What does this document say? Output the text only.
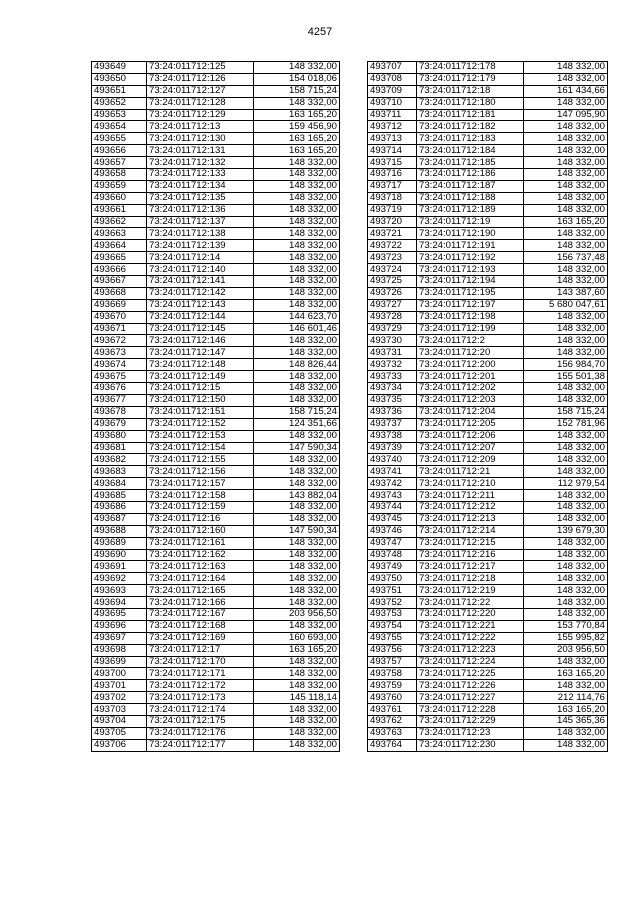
4257
493649	73:24:011712:125	148 332,00
493650	73:24:011712:126	154 018,06
493651	73:24:011712:127	158 715,24
493652	73:24:011712:128	148 332,00
493653	73:24:011712:129	163 165,20
493654	73:24:011712:13	159 456,90
493655	73:24:011712:130	163 165,20
493656	73:24:011712:131	163 165,20
493657	73:24:011712:132	148 332,00
493658	73:24:011712:133	148 332,00
493659	73:24:011712:134	148 332,00
493660	73:24:011712:135	148 332,00
493661	73:24:011712:136	148 332,00
493662	73:24:011712:137	148 332,00
493663	73:24:011712:138	148 332,00
493664	73:24:011712:139	148 332,00
493665	73:24:011712:14	148 332,00
493666	73:24:011712:140	148 332,00
493667	73:24:011712:141	148 332,00
493668	73:24:011712:142	148 332,00
493669	73:24:011712:143	148 332,00
493670	73:24:011712:144	144 623,70
493671	73:24:011712:145	146 601,46
493672	73:24:011712:146	148 332,00
493673	73:24:011712:147	148 332,00
493674	73:24:011712:148	148 826,44
493675	73:24:011712:149	148 332,00
493676	73:24:011712:15	148 332,00
493677	73:24:011712:150	148 332,00
493678	73:24:011712:151	158 715,24
493679	73:24:011712:152	124 351,66
493680	73:24:011712:153	148 332,00
493681	73:24:011712:154	147 590,34
493682	73:24:011712:155	148 332,00
493683	73:24:011712:156	148 332,00
493684	73:24:011712:157	148 332,00
493685	73:24:011712:158	143 882,04
493686	73:24:011712:159	148 332,00
493687	73:24:011712:16	148 332,00
493688	73:24:011712:160	147 590,34
493689	73:24:011712:161	148 332,00
493690	73:24:011712:162	148 332,00
493691	73:24:011712:163	148 332,00
493692	73:24:011712:164	148 332,00
493693	73:24:011712:165	148 332,00
493694	73:24:011712:166	148 332,00
493695	73:24:011712:167	203 956,50
493696	73:24:011712:168	148 332,00
493697	73:24:011712:169	160 693,00
493698	73:24:011712:17	163 165,20
493699	73:24:011712:170	148 332,00
493700	73:24:011712:171	148 332,00
493701	73:24:011712:172	148 332,00
493702	73:24:011712:173	145 118,14
493703	73:24:011712:174	148 332,00
493704	73:24:011712:175	148 332,00
493705	73:24:011712:176	148 332,00
493706	73:24:011712:177	148 332,00
493707	73:24:011712:178	148 332,00
493708	73:24:011712:179	148 332,00
493709	73:24:011712:18	161 434,66
493710	73:24:011712:180	148 332,00
493711	73:24:011712:181	147 095,90
493712	73:24:011712:182	148 332,00
493713	73:24:011712:183	148 332,00
493714	73:24:011712:184	148 332,00
493715	73:24:011712:185	148 332,00
493716	73:24:011712:186	148 332,00
493717	73:24:011712:187	148 332,00
493718	73:24:011712:188	148 332,00
493719	73:24:011712:189	148 332,00
493720	73:24:011712:19	163 165,20
493721	73:24:011712:190	148 332,00
493722	73:24:011712:191	148 332,00
493723	73:24:011712:192	156 737,48
493724	73:24:011712:193	148 332,00
493725	73:24:011712:194	148 332,00
493726	73:24:011712:195	143 387,60
493727	73:24:011712:197	5 680 047,61
493728	73:24:011712:198	148 332,00
493729	73:24:011712:199	148 332,00
493730	73:24:011712:2	148 332,00
493731	73:24:011712:20	148 332,00
493732	73:24:011712:200	156 984,70
493733	73:24:011712:201	155 501,38
493734	73:24:011712:202	148 332,00
493735	73:24:011712:203	148 332,00
493736	73:24:011712:204	158 715,24
493737	73:24:011712:205	152 781,96
493738	73:24:011712:206	148 332,00
493739	73:24:011712:207	148 332,00
493740	73:24:011712:209	148 332,00
493741	73:24:011712:21	148 332,00
493742	73:24:011712:210	112 979,54
493743	73:24:011712:211	148 332,00
493744	73:24:011712:212	148 332,00
493745	73:24:011712:213	148 332,00
493746	73:24:011712:214	139 679,30
493747	73:24:011712:215	148 332,00
493748	73:24:011712:216	148 332,00
493749	73:24:011712:217	148 332,00
493750	73:24:011712:218	148 332,00
493751	73:24:011712:219	148 332,00
493752	73:24:011712:22	148 332,00
493753	73:24:011712:220	148 332,00
493754	73:24:011712:221	153 770,84
493755	73:24:011712:222	155 995,82
493756	73:24:011712:223	203 956,50
493757	73:24:011712:224	148 332,00
493758	73:24:011712:225	163 165,20
493759	73:24:011712:226	148 332,00
493760	73:24:011712:227	212 114,76
493761	73:24:011712:228	163 165,20
493762	73:24:011712:229	145 365,36
493763	73:24:011712:23	148 332,00
493764	73:24:011712:230	148 332,00
